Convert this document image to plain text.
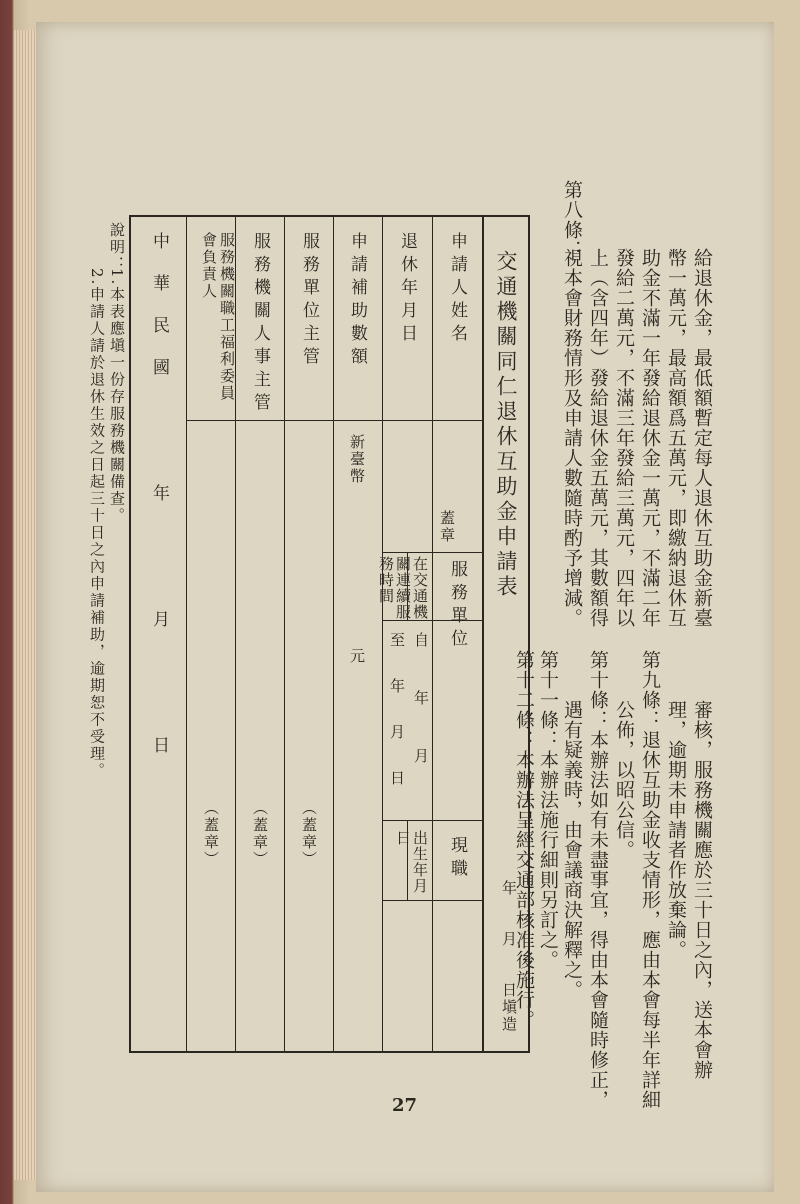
給退休金，最低額暫定每人退休互助金新臺
幣一萬元，最高額爲五萬元，即繳納退休互
助金不滿一年發給退休金一萬元，不滿二年
發給二萬元，不滿三年發給三萬元，四年以
上（含四年）發給退休金五萬元，其數額得
視本會財務情形及申請人數隨時酌予增減。
第八條：
審核，服務機關應於三十日之內，送本會辦
理，逾期未申請者作放棄論。
第九條：退休互助金收支情形，應由本會每半年詳細
公佈，以昭公信。
第十條：本辦法如有未盡事宜，得由本會隨時修正，
遇有疑義時，由會議商決解釋之。
第十一條：本辦法施行細則另訂之。
第十二條：本辦法呈經交通部核准後施行。
交通機關同仁退休互助金申請表
年　　月　　日塡造
申請人姓名
蓋章
服務單位
現職
退休年月日
在交通機關連續服務時間
自　年　月
至　年　月　日
出生年月日
申請補助數額
新臺幣
元
服務單位主管
（蓋章）
服務機關人事主管
（蓋章）
服務機關職工福利委員會負責人
（蓋章）
中　華　民　國　　　　　年　　　　　月　　　　　日
說明：
1.本表應塡一份存服務機關備查。
2.申請人請於退休生效之日起三十日之內申請補助，逾期恕不受理。
27
